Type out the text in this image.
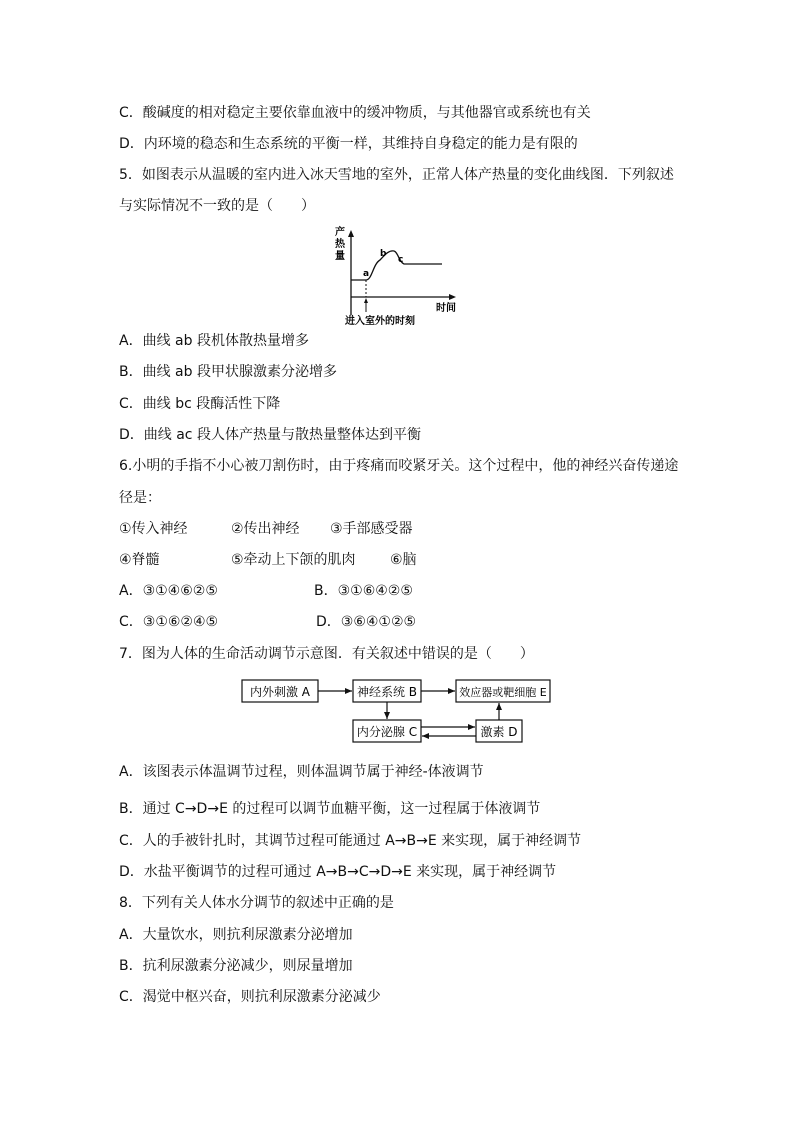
C．酸碱度的相对稳定主要依靠血液中的缓冲物质，与其他器官或系统也有关
D．内环境的稳态和生态系统的平衡一样，其维持自身稳定的能力是有限的
5．如图表示从温暖的室内进入冰天雪地的室外，正常人体产热量的变化曲线图．下列叙述
与实际情况不一致的是（　　）
产
热
量
时间
a
b
c
进入室外的时刻
A．曲线 ab 段机体散热量增多
B．曲线 ab 段甲状腺激素分泌增多
C．曲线 bc 段酶活性下降
D．曲线 ac 段人体产热量与散热量整体达到平衡
6.小明的手指不小心被刀割伤时，由于疼痛而咬紧牙关。这个过程中，他的神经兴奋传递途
径是：
①传入神经	②传出神经 ③手部感受器
④脊髓	⑤牵动上下颌的肌肉 ⑥脑
A．③①④⑥②⑤	B．③①⑥④②⑤
C．③①⑥②④⑤	D．③⑥④①②⑤
7．图为人体的生命活动调节示意图．有关叙述中错误的是（　　）
内外刺激 A	神经系统 B	效应器或靶细胞 E
内分泌腺 C	激素 D
A．该图表示体温调节过程，则体温调节属于神经-体液调节
B．通过 C→D→E 的过程可以调节血糖平衡，这一过程属于体液调节
C．人的手被针扎时，其调节过程可能通过 A→B→E 来实现，属于神经调节
D．水盐平衡调节的过程可通过 A→B→C→D→E 来实现，属于神经调节
8．下列有关人体水分调节的叙述中正确的是
A．大量饮水，则抗利尿激素分泌增加
B．抗利尿激素分泌减少，则尿量增加
C．渴觉中枢兴奋，则抗利尿激素分泌减少
